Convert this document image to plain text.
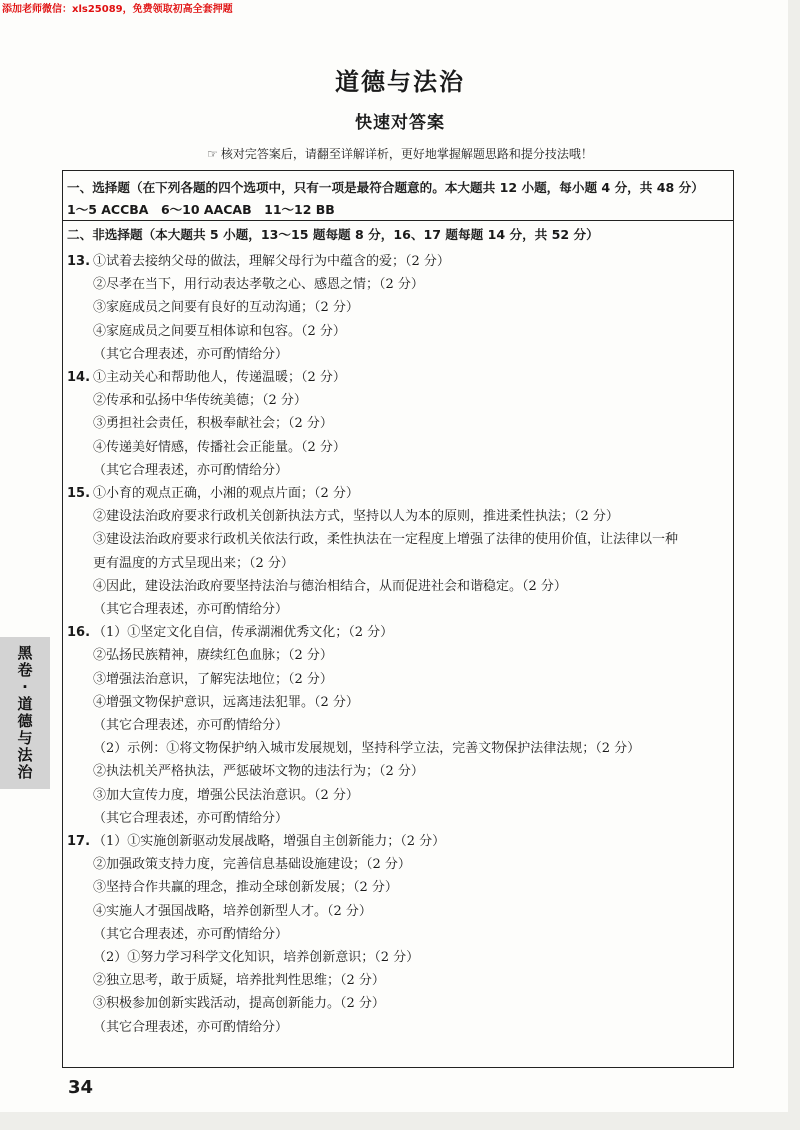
添加老师微信：xls25089，免费领取初高全套押题
道德与法治
快速对答案
☞ 核对完答案后，请翻至详解详析，更好地掌握解题思路和提分技法哦！
一、选择题（在下列各题的四个选项中，只有一项是最符合题意的。本大题共 12 小题，每小题 4 分，共 48 分）
1～5 ACCBA　6～10 AACAB　11～12 BB
二、非选择题（本大题共 5 小题，13～15 题每题 8 分，16、17 题每题 14 分，共 52 分）
13. ①试着去接纳父母的做法，理解父母行为中蕴含的爱；（2 分）
②尽孝在当下，用行动表达孝敬之心、感恩之情；（2 分）
③家庭成员之间要有良好的互动沟通；（2 分）
④家庭成员之间要互相体谅和包容。（2 分）
（其它合理表述，亦可酌情给分）
14. ①主动关心和帮助他人，传递温暖；（2 分）
②传承和弘扬中华传统美德；（2 分）
③勇担社会责任，积极奉献社会；（2 分）
④传递美好情感，传播社会正能量。（2 分）
（其它合理表述，亦可酌情给分）
15. ①小育的观点正确，小湘的观点片面；（2 分）
②建设法治政府要求行政机关创新执法方式，坚持以人为本的原则，推进柔性执法；（2 分）
③建设法治政府要求行政机关依法行政，柔性执法在一定程度上增强了法律的使用价值，让法律以一种
更有温度的方式呈现出来；（2 分）
④因此，建设法治政府要坚持法治与德治相结合，从而促进社会和谐稳定。（2 分）
（其它合理表述，亦可酌情给分）
16. （1）①坚定文化自信，传承湖湘优秀文化；（2 分）
②弘扬民族精神，赓续红色血脉；（2 分）
③增强法治意识，了解宪法地位；（2 分）
④增强文物保护意识，远离违法犯罪。（2 分）
（其它合理表述，亦可酌情给分）
（2）示例：①将文物保护纳入城市发展规划，坚持科学立法，完善文物保护法律法规；（2 分）
②执法机关严格执法，严惩破坏文物的违法行为；（2 分）
③加大宣传力度，增强公民法治意识。（2 分）
（其它合理表述，亦可酌情给分）
17. （1）①实施创新驱动发展战略，增强自主创新能力；（2 分）
②加强政策支持力度，完善信息基础设施建设；（2 分）
③坚持合作共赢的理念，推动全球创新发展；（2 分）
④实施人才强国战略，培养创新型人才。（2 分）
（其它合理表述，亦可酌情给分）
（2）①努力学习科学文化知识，培养创新意识；（2 分）
②独立思考，敢于质疑，培养批判性思维；（2 分）
③积极参加创新实践活动，提高创新能力。（2 分）
（其它合理表述，亦可酌情给分）
黑卷·道德与法治
34
